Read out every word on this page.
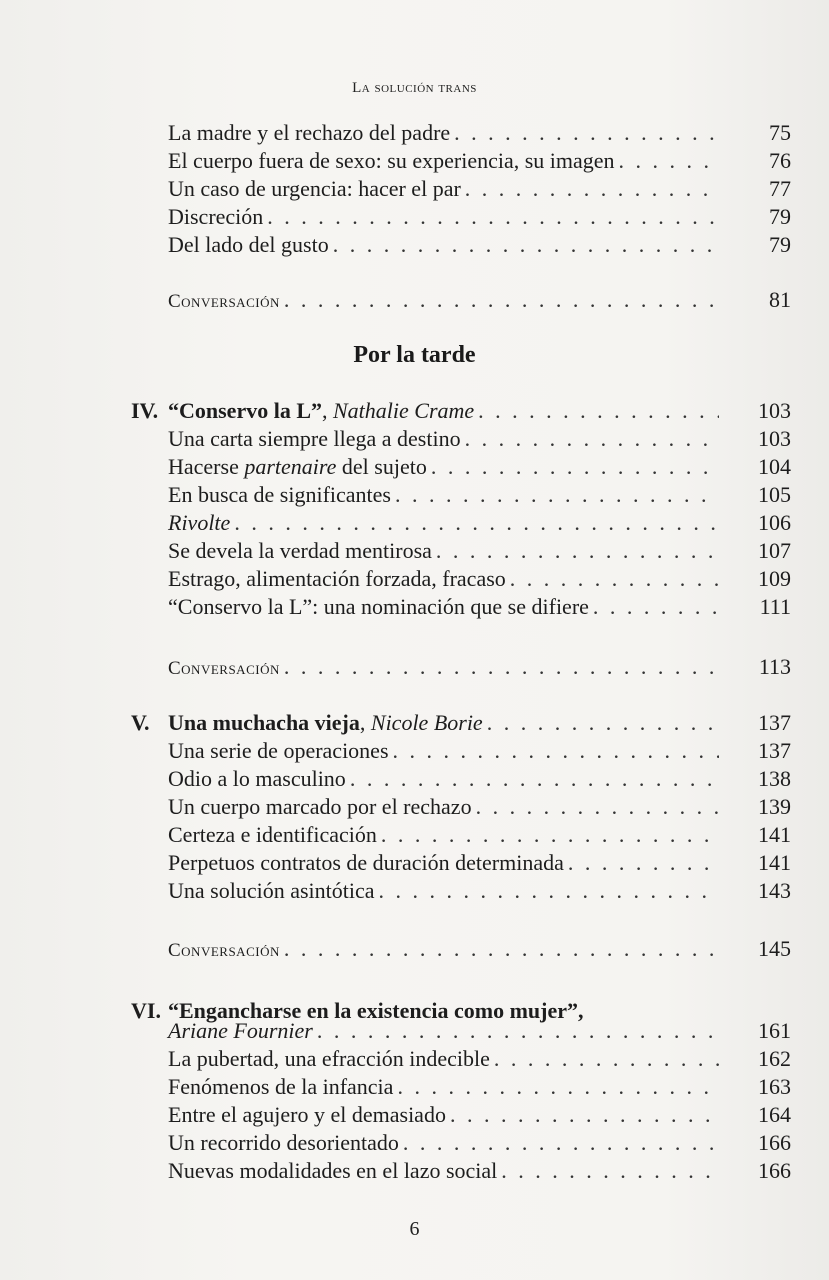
La solución trans
La madre y el rechazo del padre . . .	75
El cuerpo fuera de sexo: su experiencia, su imagen . . .	76
Un caso de urgencia: hacer el par . . .	77
Discreción . . .	79
Del lado del gusto . . .	79
Conversación . . .	81
Por la tarde
IV. “Conservo la L”, Nathalie Crame . . .	103
Una carta siempre llega a destino . . .	103
Hacerse partenaire del sujeto . . .	104
En busca de significantes . . .	105
Rivolte . . .	106
Se devela la verdad mentirosa . . .	107
Estrago, alimentación forzada, fracaso . . .	109
“Conservo la L”: una nominación que se difiere . . .	111
Conversación . . .	113
V. Una muchacha vieja, Nicole Borie . . .	137
Una serie de operaciones . . .	137
Odio a lo masculino . . .	138
Un cuerpo marcado por el rechazo . . .	139
Certeza e identificación . . .	141
Perpetuos contratos de duración determinada . . .	141
Una solución asintótica . . .	143
Conversación . . .	145
VI. “Engancharse en la existencia como mujer”,
Ariane Fournier . . .	161
La pubertad, una efracción indecible . . .	162
Fenómenos de la infancia . . .	163
Entre el agujero y el demasiado . . .	164
Un recorrido desorientado . . .	166
Nuevas modalidades en el lazo social . . .	166
6
